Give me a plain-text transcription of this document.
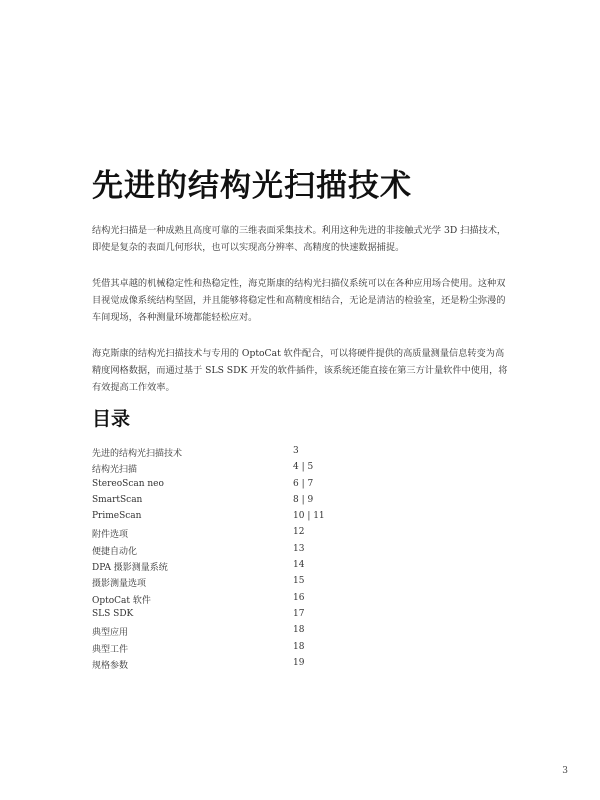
先进的结构光扫描技术

结构光扫描是一种成熟且高度可靠的三维表面采集技术。利用这种先进的非接触式光学 3D 扫描技术，即使是复杂的表面几何形状，也可以实现高分辨率、高精度的快速数据捕捉。

凭借其卓越的机械稳定性和热稳定性，海克斯康的结构光扫描仪系统可以在各种应用场合使用。这种双目视觉成像系统结构坚固，并且能够将稳定性和高精度相结合，无论是清洁的检验室，还是粉尘弥漫的车间现场，各种测量环境都能轻松应对。

海克斯康的结构光扫描技术与专用的 OptoCat 软件配合，可以将硬件提供的高质量测量信息转变为高精度网格数据，而通过基于 SLS SDK 开发的软件插件，该系统还能直接在第三方计量软件中使用，将有效提高工作效率。

目录
先进的结构光扫描技术	3
结构光扫描	4 | 5
StereoScan neo	6 | 7
SmartScan	8 | 9
PrimeScan	10 | 11
附件选项	12
便捷自动化	13
DPA 摄影测量系统	14
摄影测量选项	15
OptoCat 软件	16
SLS SDK	17
典型应用	18
典型工件	18
规格参数	19
3
